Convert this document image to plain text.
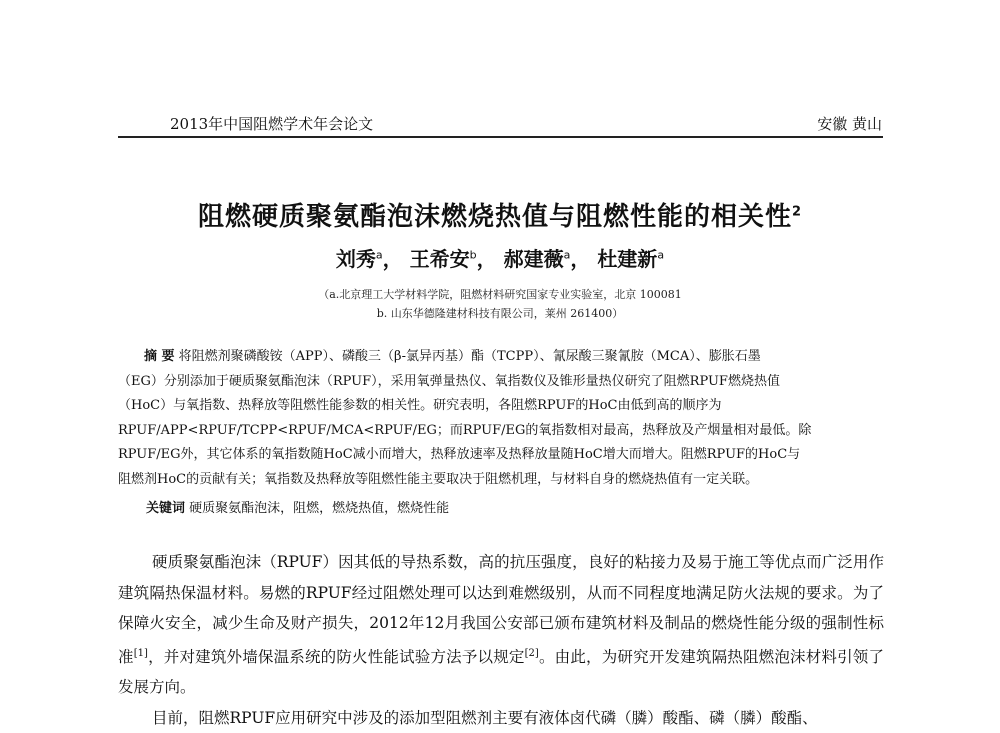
2013年中国阻燃学术年会论文	安徽 黄山
阻燃硬质聚氨酯泡沫燃烧热值与阻燃性能的相关性$^2$
刘秀$^a$， 王希安$^b$， 郝建薇$^a$， 杜建新$^a$
（a.北京理工大学材料学院，阻燃材料研究国家专业实验室，北京 100081
b. 山东华德隆建材科技有限公司，莱州 261400）
摘 要 将阻燃剂聚磷酸铵（APP）、磷酸三（β-氯异丙基）酯（TCPP）、氰尿酸三聚氰胺（MCA）、膨胀石墨
（EG）分别添加于硬质聚氨酯泡沫（RPUF），采用氧弹量热仪、氧指数仪及锥形量热仪研究了阻燃RPUF燃烧热值
（HoC）与氧指数、热释放等阻燃性能参数的相关性。研究表明，各阻燃RPUF的HoC由低到高的顺序为
RPUF/APP<RPUF/TCPP<RPUF/MCA<RPUF/EG；而RPUF/EG的氧指数相对最高，热释放及产烟量相对最低。除
RPUF/EG外，其它体系的氧指数随HoC减小而增大，热释放速率及热释放量随HoC增大而增大。阻燃RPUF的HoC与
阻燃剂HoC的贡献有关；氧指数及热释放等阻燃性能主要取决于阻燃机理，与材料自身的燃烧热值有一定关联。
关键词 硬质聚氨酯泡沫，阻燃，燃烧热值，燃烧性能

硬质聚氨酯泡沫（RPUF）因其低的导热系数，高的抗压强度，良好的粘接力及易于施工等优点而广泛用作建筑隔热保温材料。易燃的RPUF经过阻燃处理可以达到难燃级别，从而不同程度地满足防火法规的要求。为了保障火安全，减少生命及财产损失，2012年12月我国公安部已颁布建筑材料及制品的燃烧性能分级的强制性标准[1]，并对建筑外墙保温系统的防火性能试验方法予以规定[2]。由此，为研究开发建筑隔热阻燃泡沫材料引领了发展方向。

目前，阻燃RPUF应用研究中涉及的添加型阻燃剂主要有液体卤代磷（膦）酸酯、磷（膦）酸酯、
